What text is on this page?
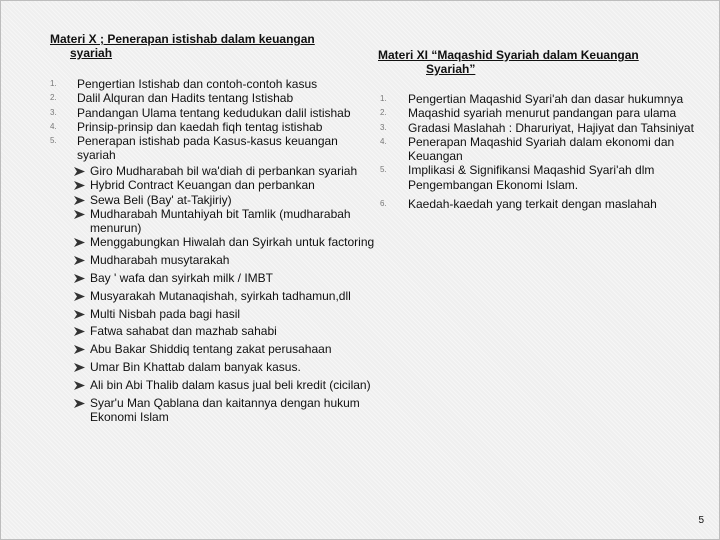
Materi X ; Penerapan istishab dalam keuangan
syariah
1. Pengertian Istishab dan contoh-contoh kasus
2. Dalil Alquran dan Hadits tentang Istishab
3. Pandangan Ulama tentang kedudukan dalil istishab
4. Prinsip-prinsip dan kaedah fiqh tentag istishab
5. Penerapan istishab pada Kasus-kasus keuangan syariah
Giro Mudharabah bil wa'diah di perbankan syariah
Hybrid Contract Keuangan dan perbankan
Sewa Beli (Bay' at-Takjiriy)
Mudharabah Muntahiyah bit Tamlik (mudharabah menurun)
Menggabungkan Hiwalah dan Syirkah untuk factoring
Mudharabah musytarakah
Bay ' wafa dan syirkah milk / IMBT
Musyarakah Mutanaqishah, syirkah tadhamun,dll
Multi Nisbah pada bagi hasil
Fatwa sahabat dan mazhab sahabi
Abu Bakar Shiddiq tentang zakat perusahaan
Umar Bin Khattab dalam banyak kasus.
Ali bin Abi Thalib dalam kasus jual beli kredit (cicilan)
Syar'u Man Qablana dan kaitannya dengan hukum Ekonomi Islam
Materi XI “Maqashid Syariah dalam Keuangan
Syariah”
1. Pengertian Maqashid Syari'ah dan dasar hukumnya
2. Maqashid syariah menurut pandangan para ulama
3. Gradasi Maslahah : Dharuriyat, Hajiyat dan Tahsiniyat
4. Penerapan Maqashid Syariah dalam ekonomi dan Keuangan
5. Implikasi & Signifikansi Maqashid Syari'ah dlm Pengembangan Ekonomi Islam.
6. Kaedah-kaedah yang terkait dengan maslahah
5
